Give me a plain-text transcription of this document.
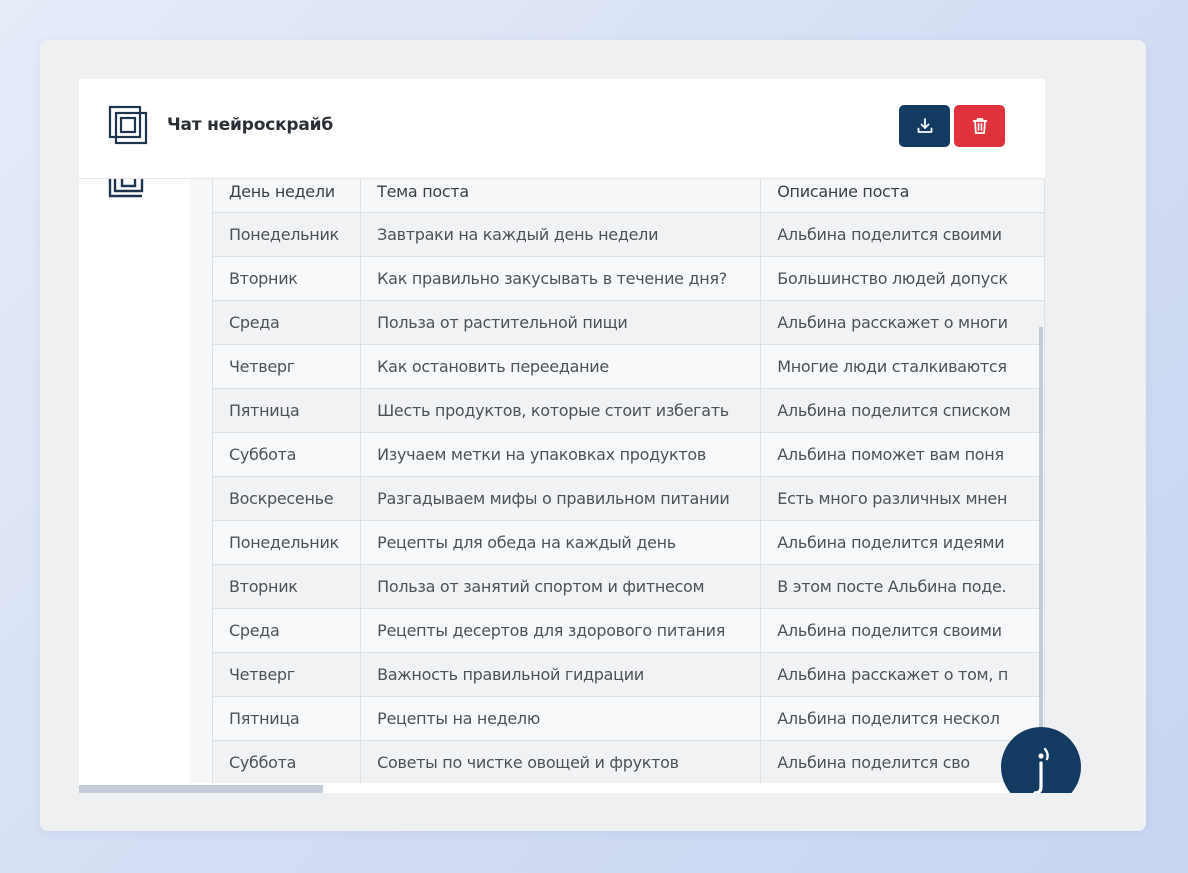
День недели	Тема поста	Описание поста
Понедельник	Завтраки на каждый день недели	Альбина поделится своими
Вторник	Как правильно закусывать в течение дня?	Большинство людей допуск
Среда	Польза от растительной пищи	Альбина расскажет о многи
Четверг	Как остановить переедание	Многие люди сталкиваются
Пятница	Шесть продуктов, которые стоит избегать	Альбина поделится списком
Суббота	Изучаем метки на упаковках продуктов	Альбина поможет вам поня
Воскресенье	Разгадываем мифы о правильном питании	Есть много различных мнен
Понедельник	Рецепты для обеда на каждый день	Альбина поделится идеями
Вторник	Польза от занятий спортом и фитнесом	В этом посте Альбина поде.
Среда	Рецепты десертов для здорового питания	Альбина поделится своими
Четверг	Важность правильной гидрации	Альбина расскажет о том, п
Пятница	Рецепты на неделю	Альбина поделится нескол
Суббота	Советы по чистке овощей и фруктов	Альбина поделится сво
Чат нейроскрайб
